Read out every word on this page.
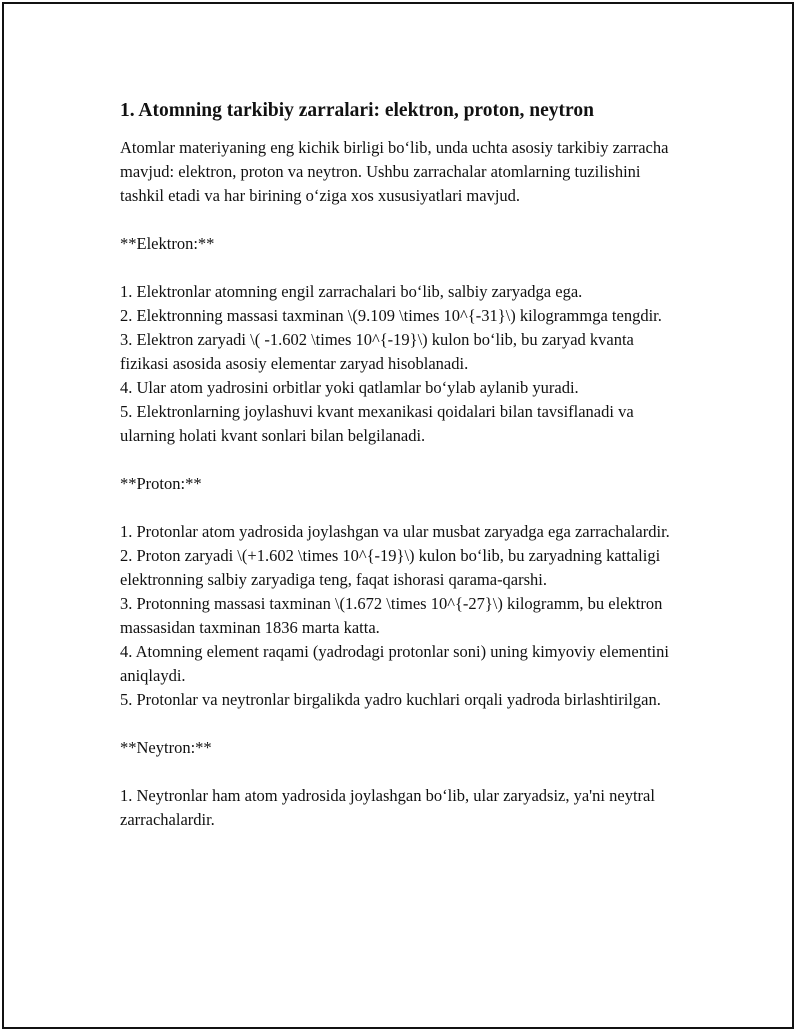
1. Atomning tarkibiy zarralari: elektron, proton, neytron

Atomlar materiyaning eng kichik birligi bo‘lib, unda uchta asosiy tarkibiy zarracha mavjud: elektron, proton va neytron. Ushbu zarrachalar atomlarning tuzilishini tashkil etadi va har birining o‘ziga xos xususiyatlari mavjud.

**Elektron:**

1. Elektronlar atomning engil zarrachalari bo‘lib, salbiy zaryadga ega.

2. Elektronning massasi taxminan \(9.109 \times 10^{-31}\) kilogrammga tengdir.

3. Elektron zaryadi \( -1.602 \times 10^{-19}\) kulon bo‘lib, bu zaryad kvanta fizikasi asosida asosiy elementar zaryad hisoblanadi.

4. Ular atom yadrosini orbitlar yoki qatlamlar bo‘ylab aylanib yuradi.

5. Elektronlarning joylashuvi kvant mexanikasi qoidalari bilan tavsiflanadi va ularning holati kvant sonlari bilan belgilanadi.

**Proton:**

1. Protonlar atom yadrosida joylashgan va ular musbat zaryadga ega zarrachalardir.

2. Proton zaryadi \(+1.602 \times 10^{-19}\) kulon bo‘lib, bu zaryadning kattaligi elektronning salbiy zaryadiga teng, faqat ishorasi qarama-qarshi.

3. Protonning massasi taxminan \(1.672 \times 10^{-27}\) kilogramm, bu elektron massasidan taxminan 1836 marta katta.

4. Atomning element raqami (yadrodagi protonlar soni) uning kimyoviy elementini aniqlaydi.

5. Protonlar va neytronlar birgalikda yadro kuchlari orqali yadroda birlashtirilgan.

**Neytron:**

1. Neytronlar ham atom yadrosida joylashgan bo‘lib, ular zaryadsiz, ya'ni neytral zarrachalardir.
